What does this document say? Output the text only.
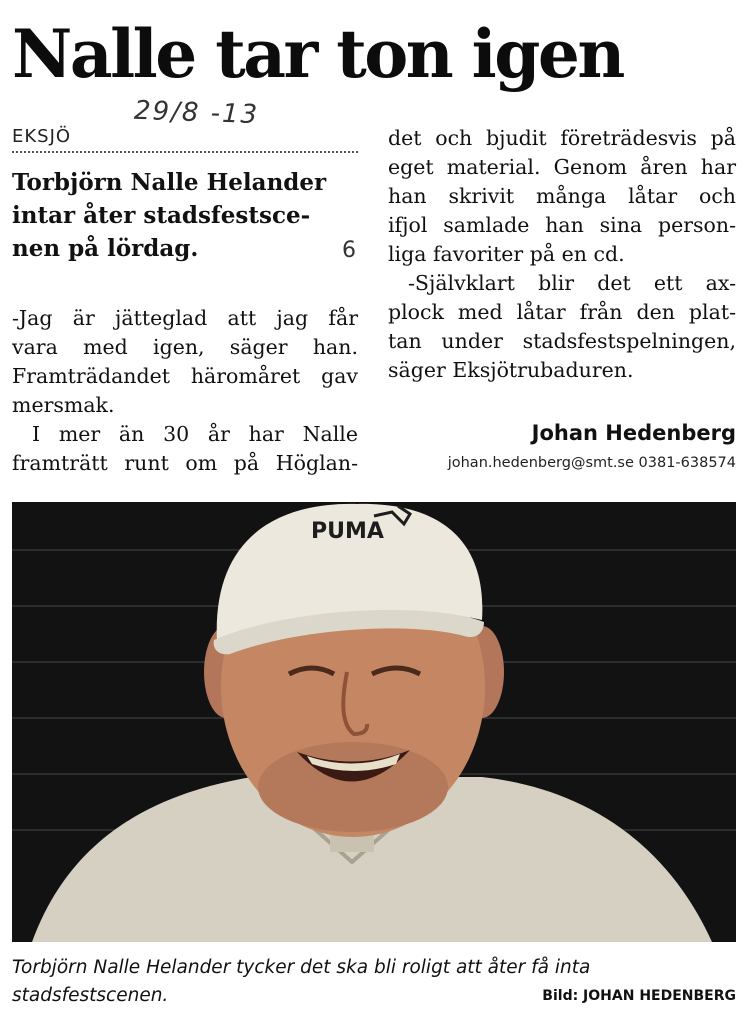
Nalle tar ton igen
29/8 -13
EKSJÖ
Torbjörn Nalle Helander
intar åter stadsfestsce-
nen på lördag.	6
-Jag är jätteglad att jag får
vara med igen, säger han.
Framträdandet häromåret gav
mersmak.
I mer än 30 år har Nalle
framträtt runt om på Höglan-
det och bjudit företrädesvis på
eget material. Genom åren har
han skrivit många låtar och
ifjol samlade han sina person-
liga favoriter på en cd.
-Självklart blir det ett ax-
plock med låtar från den plat-
tan under stadsfestspelningen,
säger Eksjötrubaduren.
Johan Hedenberg
johan.hedenberg@smt.se 0381-638574
PUMA
Torbjörn Nalle Helander tycker det ska bli roligt att åter få inta stadsfestscenen.	Bild: JOHAN HEDENBERG
